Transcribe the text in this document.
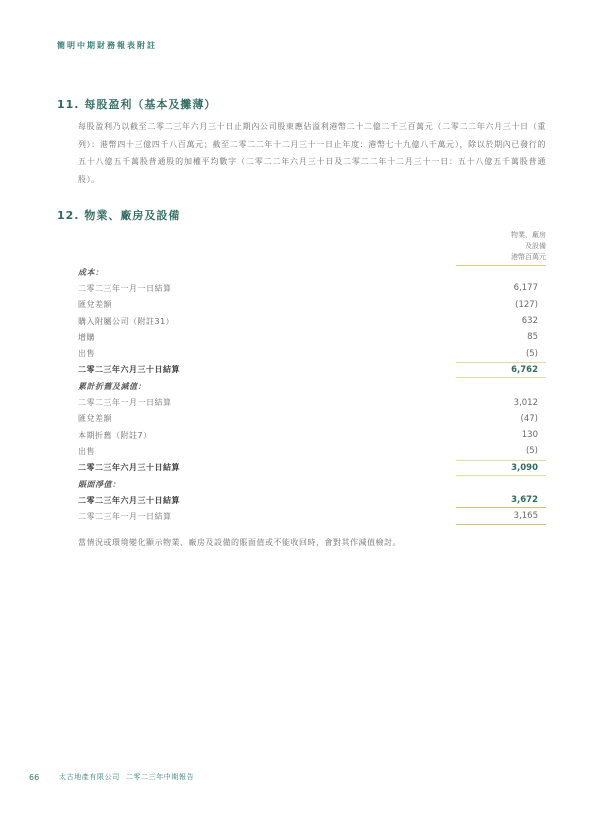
簡明中期財務報表附註
11. 每股盈利（基本及攤薄）

每股盈利乃以截至二零二三年六月三十日止期內公司股東應佔溢利港幣二十二億二千三百萬元（二零二二年六月三十日（重列）：港幣四十三億四千八百萬元；截至二零二二年十二月三十一日止年度：港幣七十九億八千萬元），除以於期內已發行的五十八億五千萬股普通股的加權平均數字（二零二二年六月三十日及二零二二年十二月三十一日：五十八億五千萬股普通股）。

12. 物業、廠房及設備
物業、廠房
及設備
港幣百萬元
成本：
二零二三年一月一日結算	6,177
匯兌差額	(127)
購入附屬公司（附註31）	632
增購	85
出售	(5)
二零二三年六月三十日結算	6,762
累計折舊及減值：
二零二三年一月一日結算	3,012
匯兌差額	(47)
本期折舊（附註7）	130
出售	(5)
二零二三年六月三十日結算	3,090
賬面淨值：
二零二三年六月三十日結算	3,672
二零二三年一月一日結算	3,165
當情況或環境變化顯示物業、廠房及設備的賬面值或不能收回時，會對其作減值檢討。
66	太古地產有限公司 二零二三年中期報告
